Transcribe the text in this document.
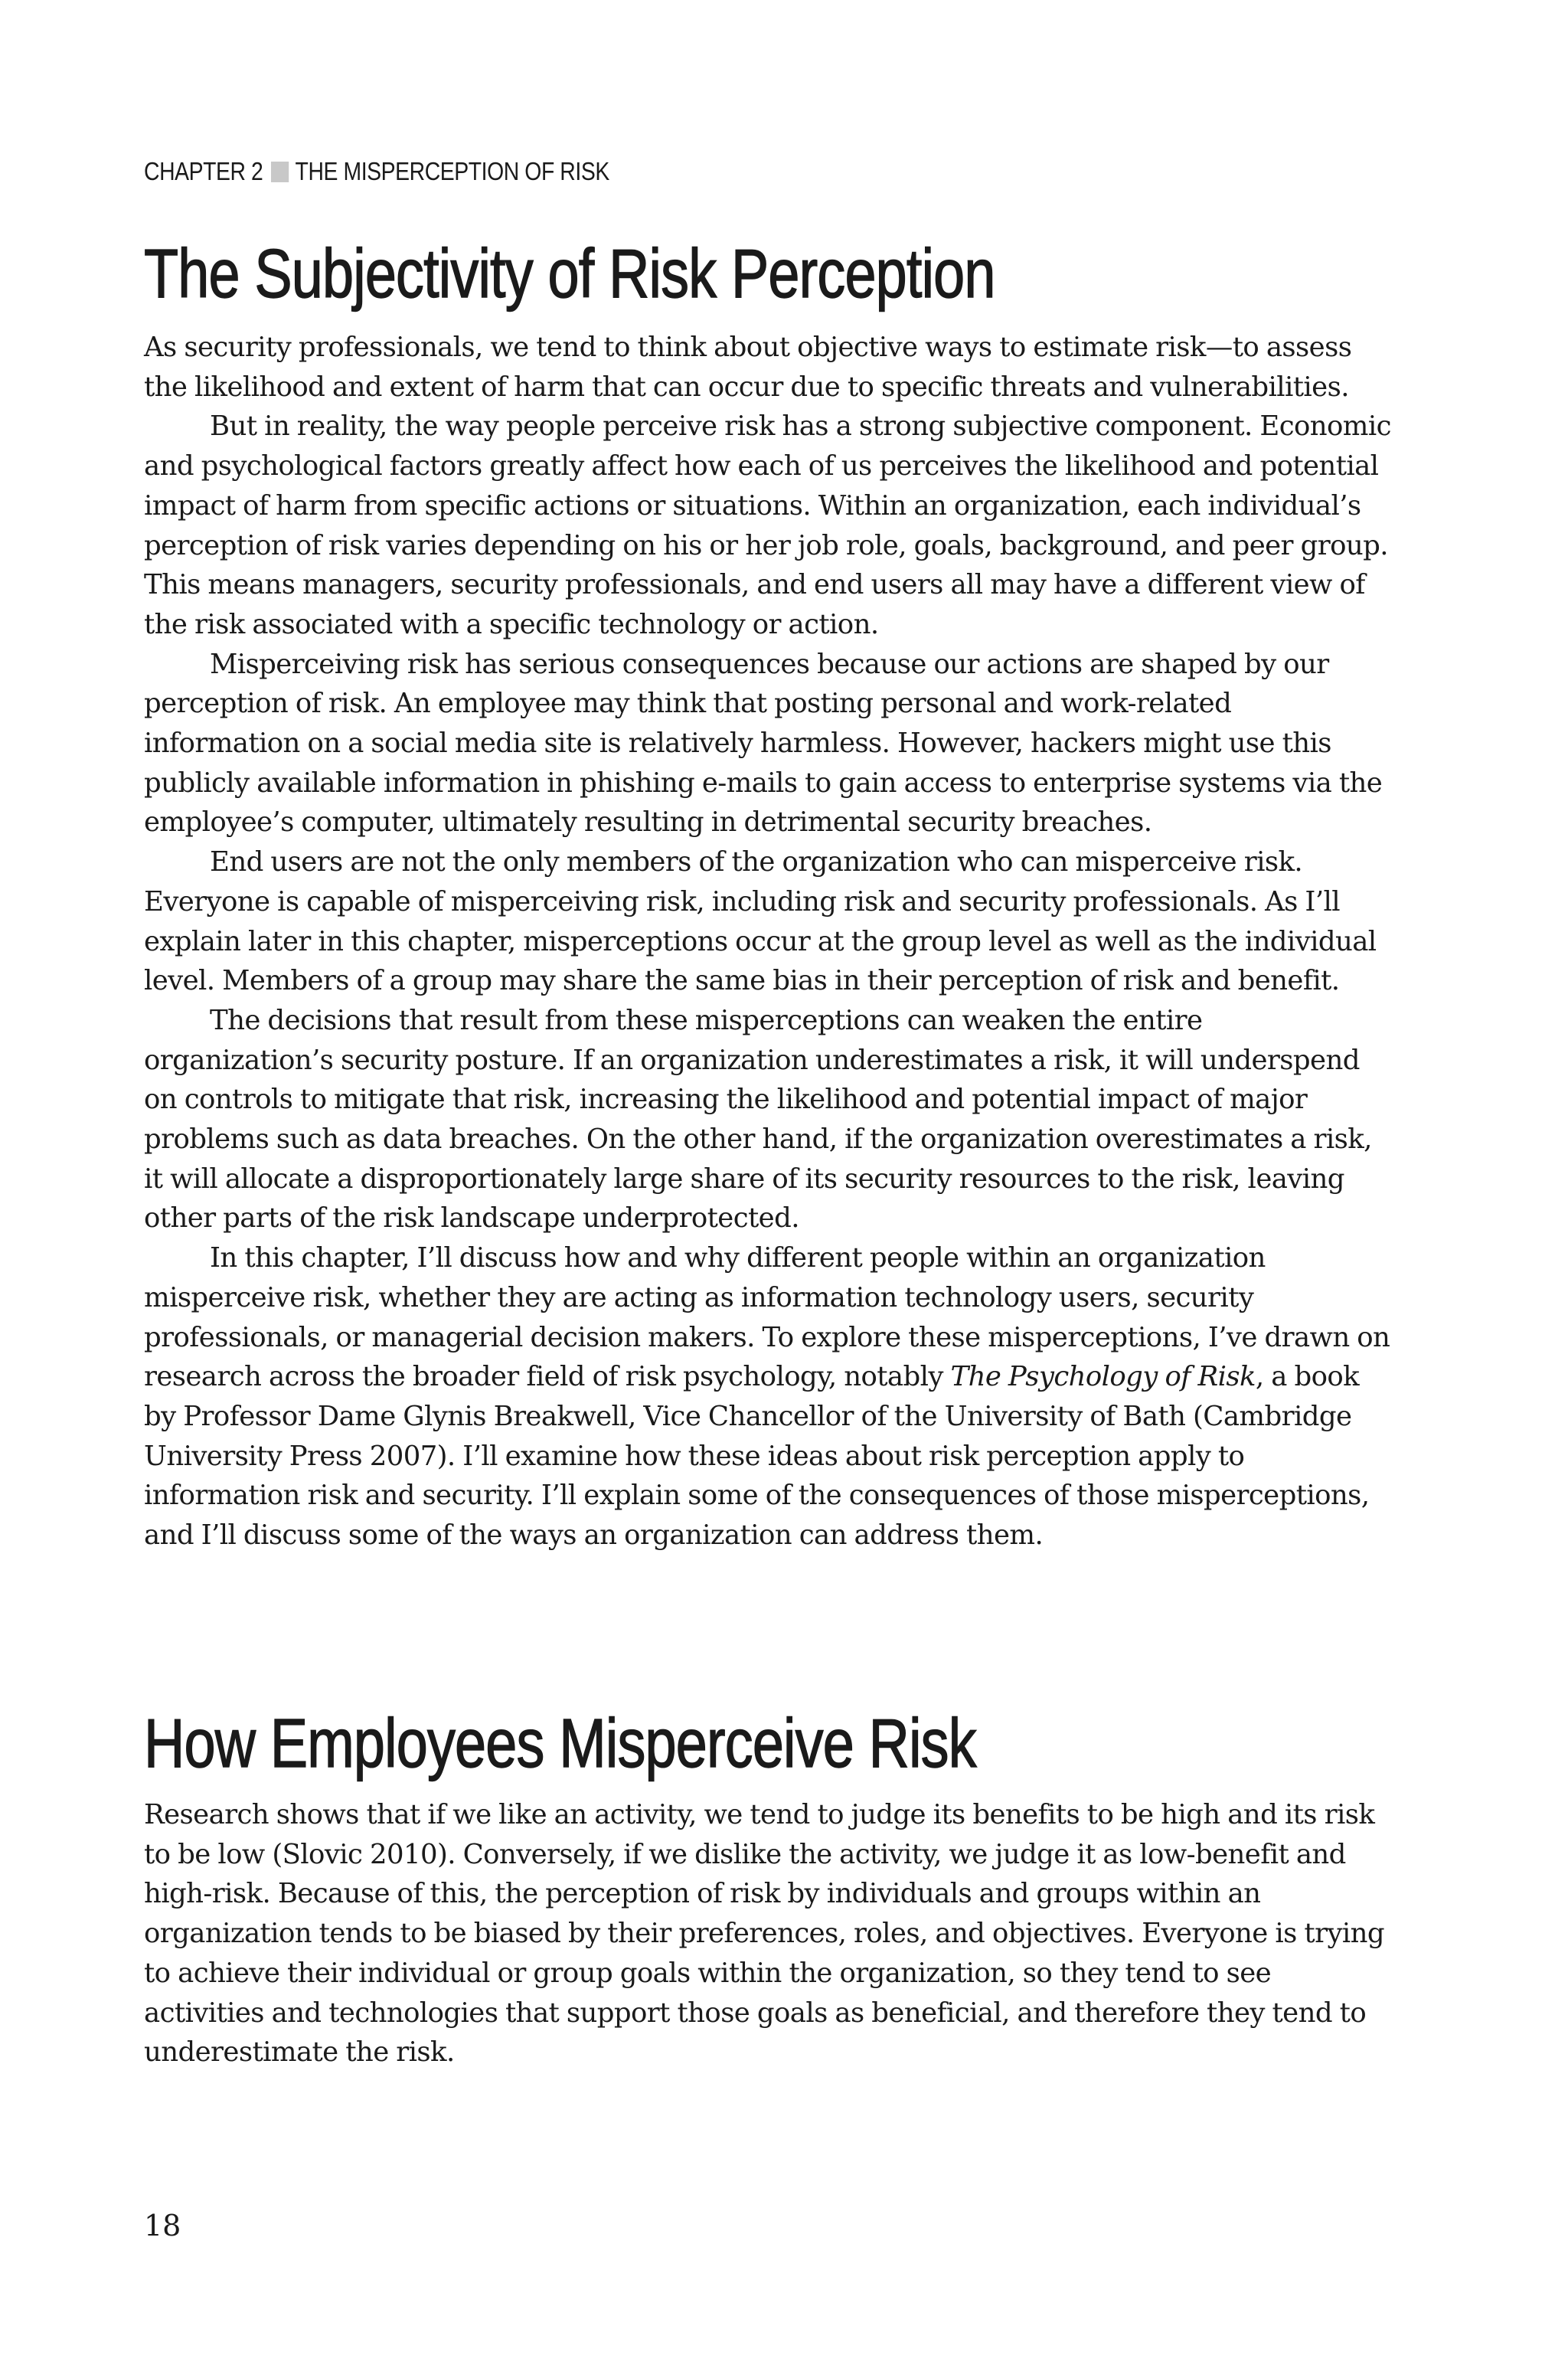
CHAPTER 2 THE MISPERCEPTION OF RISK
The Subjectivity of Risk Perception

As security professionals, we tend to think about objective ways to estimate risk—to assess the likelihood and extent of harm that can occur due to specific threats and vulnerabilities.

But in reality, the way people perceive risk has a strong subjective component. Economic and psychological factors greatly affect how each of us perceives the likelihood and potential impact of harm from specific actions or situations. Within an organization, each individual’s perception of risk varies depending on his or her job role, goals, background, and peer group. This means managers, security professionals, and end users all may have a different view of the risk associated with a specific technology or action.

Misperceiving risk has serious consequences because our actions are shaped by our perception of risk. An employee may think that posting personal and work-related information on a social media site is relatively harmless. However, hackers might use this publicly available information in phishing e-mails to gain access to enterprise systems via the employee’s computer, ultimately resulting in detrimental security breaches.

End users are not the only members of the organization who can misperceive risk. Everyone is capable of misperceiving risk, including risk and security professionals. As I’ll explain later in this chapter, misperceptions occur at the group level as well as the individual level. Members of a group may share the same bias in their perception of risk and benefit.

The decisions that result from these misperceptions can weaken the entire organization’s security posture. If an organization underestimates a risk, it will underspend on controls to mitigate that risk, increasing the likelihood and potential impact of major problems such as data breaches. On the other hand, if the organization overestimates a risk, it will allocate a disproportionately large share of its security resources to the risk, leaving other parts of the risk landscape underprotected.

In this chapter, I’ll discuss how and why different people within an organization misperceive risk, whether they are acting as information technology users, security professionals, or managerial decision makers. To explore these misperceptions, I’ve drawn on research across the broader field of risk psychology, notably The Psychology of Risk, a book by Professor Dame Glynis Breakwell, Vice Chancellor of the University of Bath (Cambridge University Press 2007). I’ll examine how these ideas about risk perception apply to information risk and security. I’ll explain some of the consequences of those misperceptions, and I’ll discuss some of the ways an organization can address them.

How Employees Misperceive Risk

Research shows that if we like an activity, we tend to judge its benefits to be high and its risk to be low (Slovic 2010). Conversely, if we dislike the activity, we judge it as low-benefit and high-risk. Because of this, the perception of risk by individuals and groups within an organization tends to be biased by their preferences, roles, and objectives. Everyone is trying to achieve their individual or group goals within the organization, so they tend to see activities and technologies that support those goals as beneficial, and therefore they tend to underestimate the risk.

18
